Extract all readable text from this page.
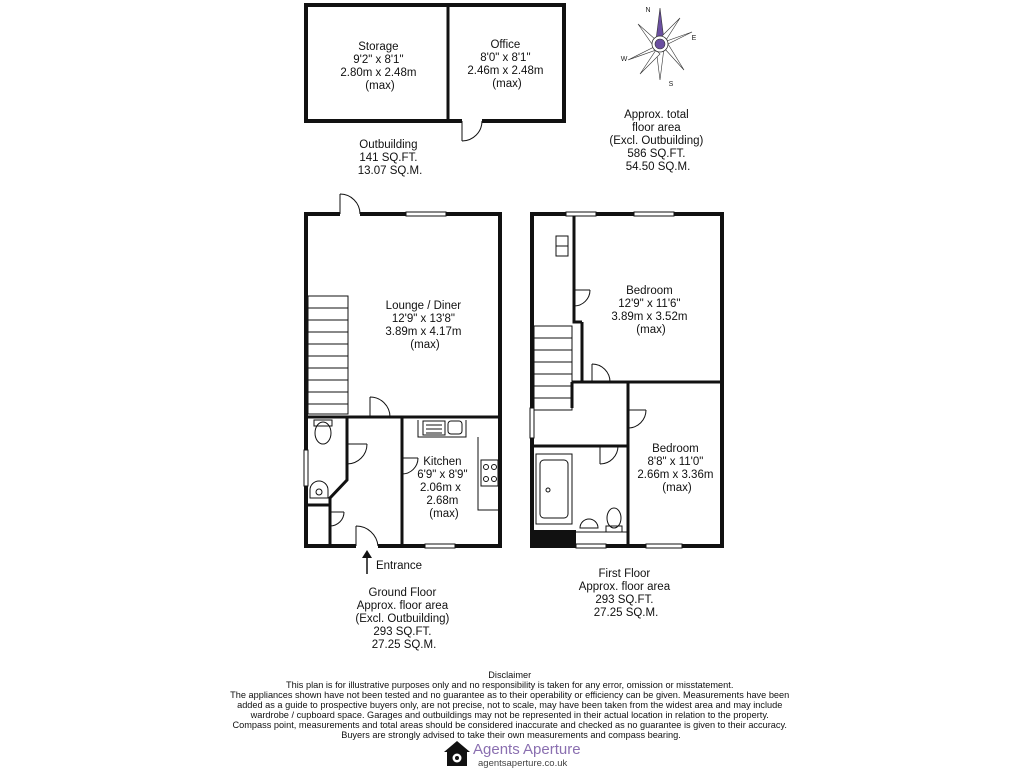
Storage 9'2" x 8'1" 2.80m x 2.48m (max)
Office 8'0" x 8'1" 2.46m x 2.48m (max)
Outbuilding 141 SQ.FT. 13.07 SQ.M.
N
E
S
W
Approx. total floor area (Excl. Outbuilding) 586 SQ.FT. 54.50 SQ.M.
Lounge / Diner 12'9" x 13'8" 3.89m x 4.17m (max)
Kitchen 6'9" x 8'9" 2.06m x 2.68m (max)
Entrance
Ground Floor Approx. floor area (Excl. Outbuilding) 293 SQ.FT. 27.25 SQ.M.
Bedroom 12'9" x 11'6" 3.89m x 3.52m (max)
Bedroom 8'8" x 11'0" 2.66m x 3.36m (max)
First Floor Approx. floor area 293 SQ.FT. 27.25 SQ.M.
Disclaimer This plan is for illustrative purposes only and no responsibility is taken for any error, omission or misstatement. The appliances shown have not been tested and no guarantee as to their operability or efficiency can be given. Measurements have been added as a guide to prospective buyers only, are not precise, not to scale, may have been taken from the widest area and may include wardrobe / cupboard space. Garages and outbuildings may not be represented in their actual location in relation to the property. Compass point, measurements and total areas should be considered inaccurate and checked as no guarantee is given to their accuracy. Buyers are strongly advised to take their own measurements and compass bearing.
Agents Aperture
agentsaperture.co.uk
